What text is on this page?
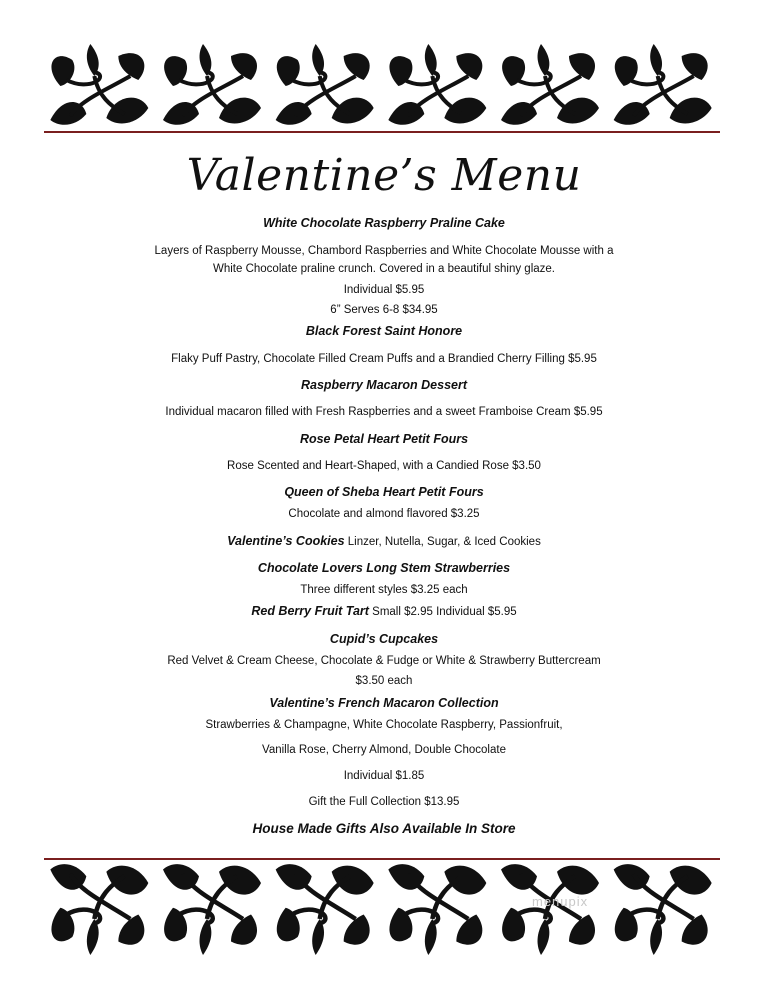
Valentine’s Menu
White Chocolate Raspberry Praline Cake
Layers of Raspberry Mousse, Chambord Raspberries and White Chocolate Mousse with a
White Chocolate praline crunch. Covered in a beautiful shiny glaze.
Individual $5.95
6” Serves 6-8 $34.95
Black Forest Saint Honore
Flaky Puff Pastry, Chocolate Filled Cream Puffs and a Brandied Cherry Filling $5.95
Raspberry Macaron Dessert
Individual macaron filled with Fresh Raspberries and a sweet Framboise Cream $5.95
Rose Petal Heart Petit Fours
Rose Scented and Heart-Shaped, with a Candied Rose $3.50
Queen of Sheba Heart Petit Fours
Chocolate and almond flavored $3.25
Valentine’s Cookies Linzer, Nutella, Sugar, & Iced Cookies
Chocolate Lovers Long Stem Strawberries
Three different styles $3.25 each
Red Berry Fruit Tart Small $2.95 Individual $5.95
Cupid’s Cupcakes
Red Velvet & Cream Cheese, Chocolate & Fudge or White & Strawberry Buttercream
$3.50 each
Valentine’s French Macaron Collection
Strawberries & Champagne, White Chocolate Raspberry, Passionfruit,
Vanilla Rose, Cherry Almond, Double Chocolate
Individual $1.85
Gift the Full Collection $13.95
House Made Gifts Also Available In Store
menupix
